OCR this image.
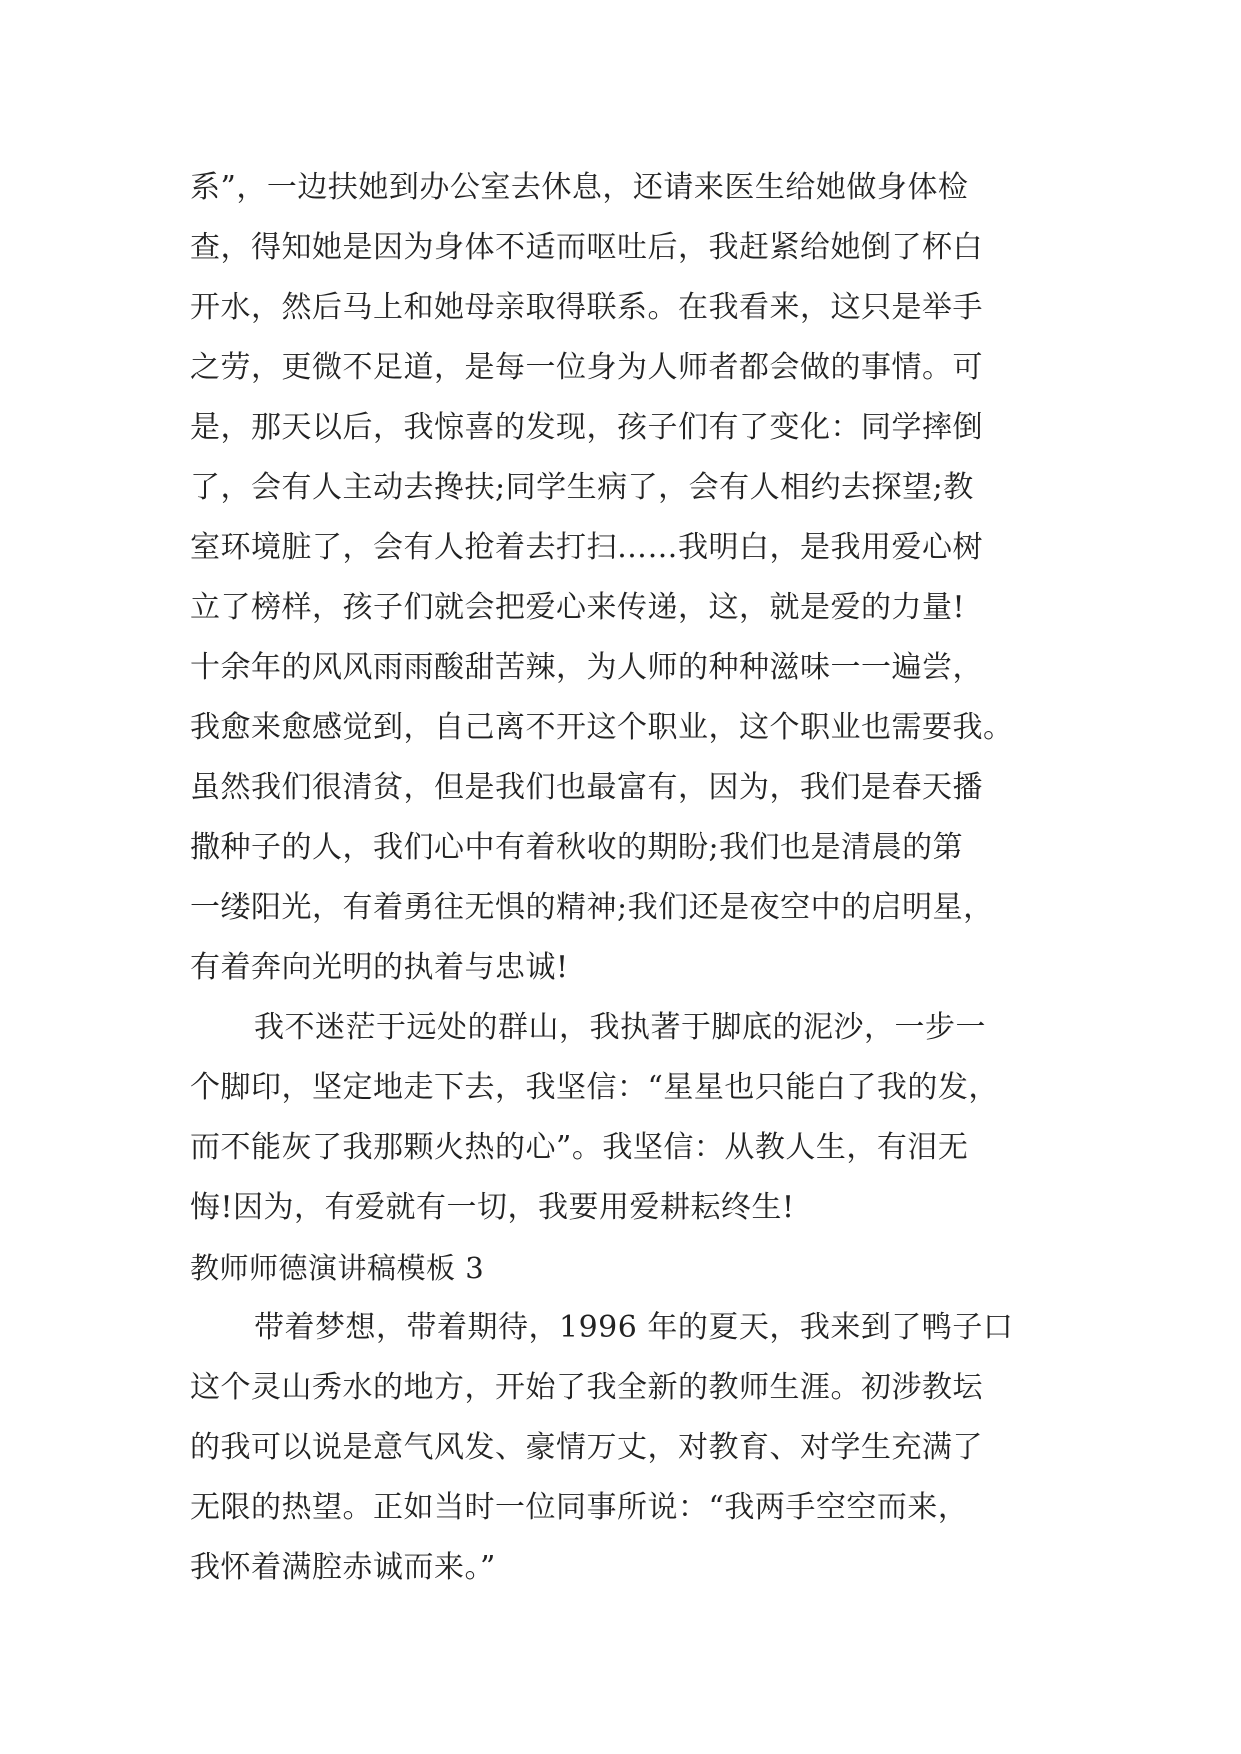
系”，一边扶她到办公室去休息，还请来医生给她做身体检
查，得知她是因为身体不适而呕吐后，我赶紧给她倒了杯白
开水，然后马上和她母亲取得联系。在我看来，这只是举手
之劳，更微不足道，是每一位身为人师者都会做的事情。可
是，那天以后，我惊喜的发现，孩子们有了变化：同学摔倒
了，会有人主动去搀扶;同学生病了，会有人相约去探望;教
室环境脏了，会有人抢着去打扫……我明白，是我用爱心树
立了榜样，孩子们就会把爱心来传递，这，就是爱的力量!
十余年的风风雨雨酸甜苦辣，为人师的种种滋味一一遍尝，
我愈来愈感觉到，自己离不开这个职业，这个职业也需要我。
虽然我们很清贫，但是我们也最富有，因为，我们是春天播
撒种子的人，我们心中有着秋收的期盼;我们也是清晨的第
一缕阳光，有着勇往无惧的精神;我们还是夜空中的启明星，
有着奔向光明的执着与忠诚!
我不迷茫于远处的群山，我执著于脚底的泥沙，一步一
个脚印，坚定地走下去，我坚信：“星星也只能白了我的发，
而不能灰了我那颗火热的心”。我坚信：从教人生，有泪无
悔!因为，有爱就有一切，我要用爱耕耘终生!
教师师德演讲稿模板 3
带着梦想，带着期待，1996 年的夏天，我来到了鸭子口
这个灵山秀水的地方，开始了我全新的教师生涯。初涉教坛
的我可以说是意气风发、豪情万丈，对教育、对学生充满了
无限的热望。正如当时一位同事所说：“我两手空空而来，
我怀着满腔赤诚而来。”
